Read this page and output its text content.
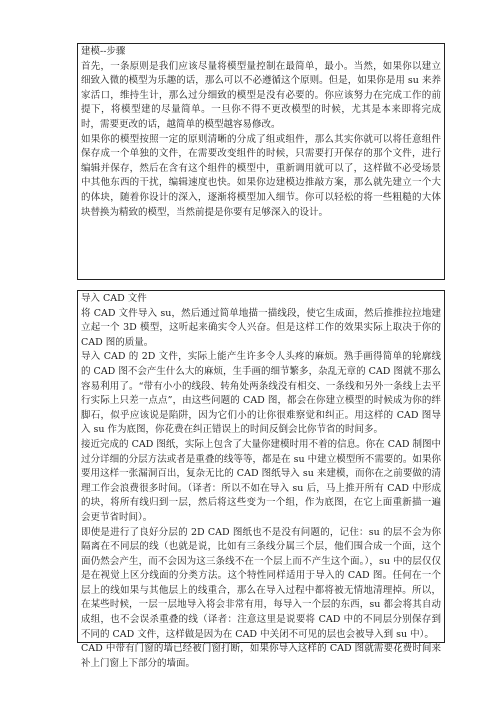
建模--步骤

首先，一条原则是我们应该尽量将模型量控制在最简单，最小。当然，如果你以建立细致入微的模型为乐趣的话，那么可以不必遵循这个原则。但是，如果你是用 su 来养家活口，维持生计，那么过分细致的模型是没有必要的。你应该努力在完成工作的前提下，将模型建的尽量简单。一旦你不得不更改模型的时候，尤其是本来即将完成时，需要更改的话，越简单的模型越容易修改。

如果你的模型按照一定的原则清晰的分成了组或组件，那么其实你就可以将任意组件保存成一个单独的文件，在需要改变组件的时候，只需要打开保存的那个文件，进行编辑并保存，然后在含有这个组件的模型中，重新调用就可以了，这样做不必受场景中其他东西的干扰，编辑速度也快。如果你边建模边推敲方案，那么就先建立一个大的体块，随着你设计的深入，逐渐将模型加入细节。你可以轻松的将一些粗糙的大体块替换为精致的模型，当然前提是你要有足够深入的设计。

导入 CAD 文件

将 CAD 文件导入 su，然后通过简单地描一描线段，使它生成面，然后推推拉拉地建立起一个 3D 模型，这听起来确实令人兴奋。但是这样工作的效果实际上取决于你的 CAD 图的质量。

导入 CAD 的 2D 文件，实际上能产生许多令人头疼的麻烦。熟手画得简单的轮廓线的 CAD 图不会产生什么大的麻烦，生手画的细节繁多，杂乱无章的 CAD 图就不那么容易利用了。“带有小小的线段、转角处两条线没有相交、一条线和另外一条线上去平行实际上只差一点点”，由这些问题的 CAD 图，都会在你建立模型的时候成为你的绊脚石，似乎应该说是陷阱，因为它们小的让你很难察觉和纠正。用这样的 CAD 图导入 su 作为底图，你花费在纠正错误上的时间反倒会比你节省的时间多。

接近完成的 CAD 图纸，实际上包含了大量你建模时用不着的信息。你在 CAD 制图中过分详细的分层方法或者是重叠的线等等，都是在 su 中建立模型所不需要的。如果你要用这样一张漏洞百出，复杂无比的 CAD 图纸导入 su 来建模，而你在之前要做的清理工作会浪费很多时间。（译者：所以不如在导入 su 后，马上推开所有 CAD 中形成的块，将所有线归到一层，然后将这些变为一个组，作为底图，在它上面重新描一遍会更节省时间）。

即使是进行了良好分层的 2D CAD 图纸也不是没有问题的，记住：su 的层不会为你隔离在不同层的线（也就是说，比如有三条线分属三个层，他们围合成一个面，这个面仍然会产生，而不会因为这三条线不在一个层上而不产生这个面。），su 中的层仅仅是在视觉上区分线面的分类方法。这个特性同样适用于导入的 CAD 图。任何在一个层上的线如果与其他层上的线重合，那么在导入过程中都将被无情地清理掉。所以，在某些时候，一层一层地导入将会非常有用，每导入一个层的东西，su 都会将其自动成组，也不会误杀重叠的线（译者：注意这里是说要将 CAD 中的不同层分别保存到不同的 CAD 文件，这样做是因为在 CAD 中关闭不可见的层也会被导入到 su 中）。

CAD 中带有门窗的墙已经被门窗打断，如果你导入这样的 CAD 图就需要花费时间来补上门窗上下部分的墙面。
